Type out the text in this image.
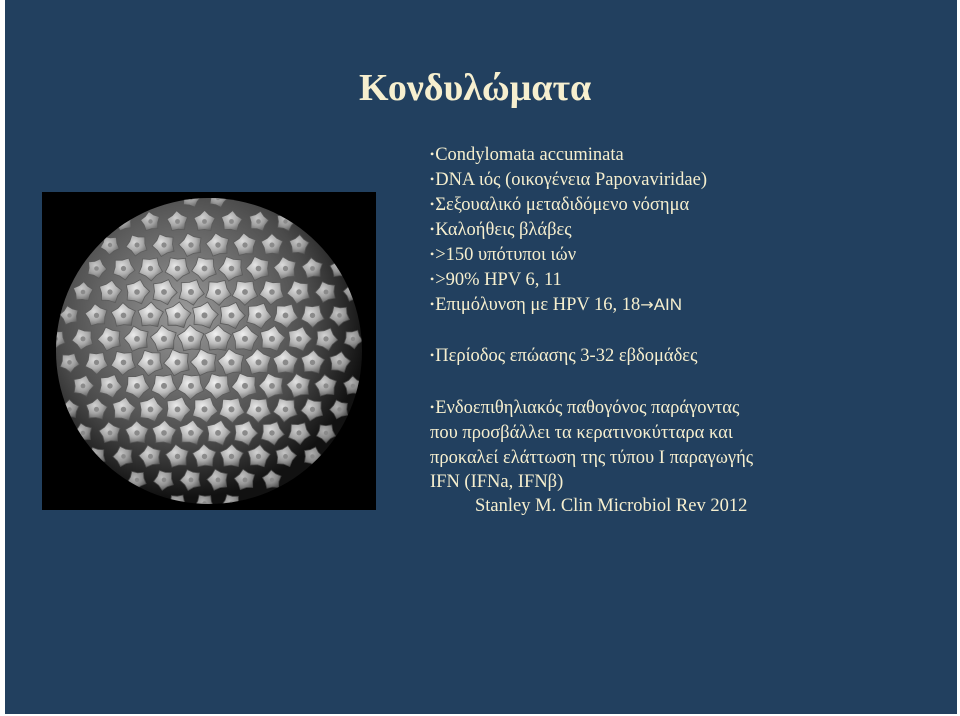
Κονδυλώματα
• Condylomata accuminata
• DNA ιός (οικογένεια Papovaviridae)
• Σεξουαλικό μεταδιδόμενο νόσημα
• Καλοήθεις βλάβες
• >150 υπότυποι ιών
• >90% HPV 6, 11
• Επιμόλυνση με HPV 16, 18→AIN
• Περίοδος επώασης 3-32 εβδομάδες
• Ενδοεπιθηλιακός παθογόνος παράγοντας
που προσβάλλει τα κερατινοκύτταρα και
προκαλεί ελάττωση της τύπου Ι παραγωγής
IFN (IFNa, IFNβ)
Stanley M. Clin Microbiol Rev 2012
